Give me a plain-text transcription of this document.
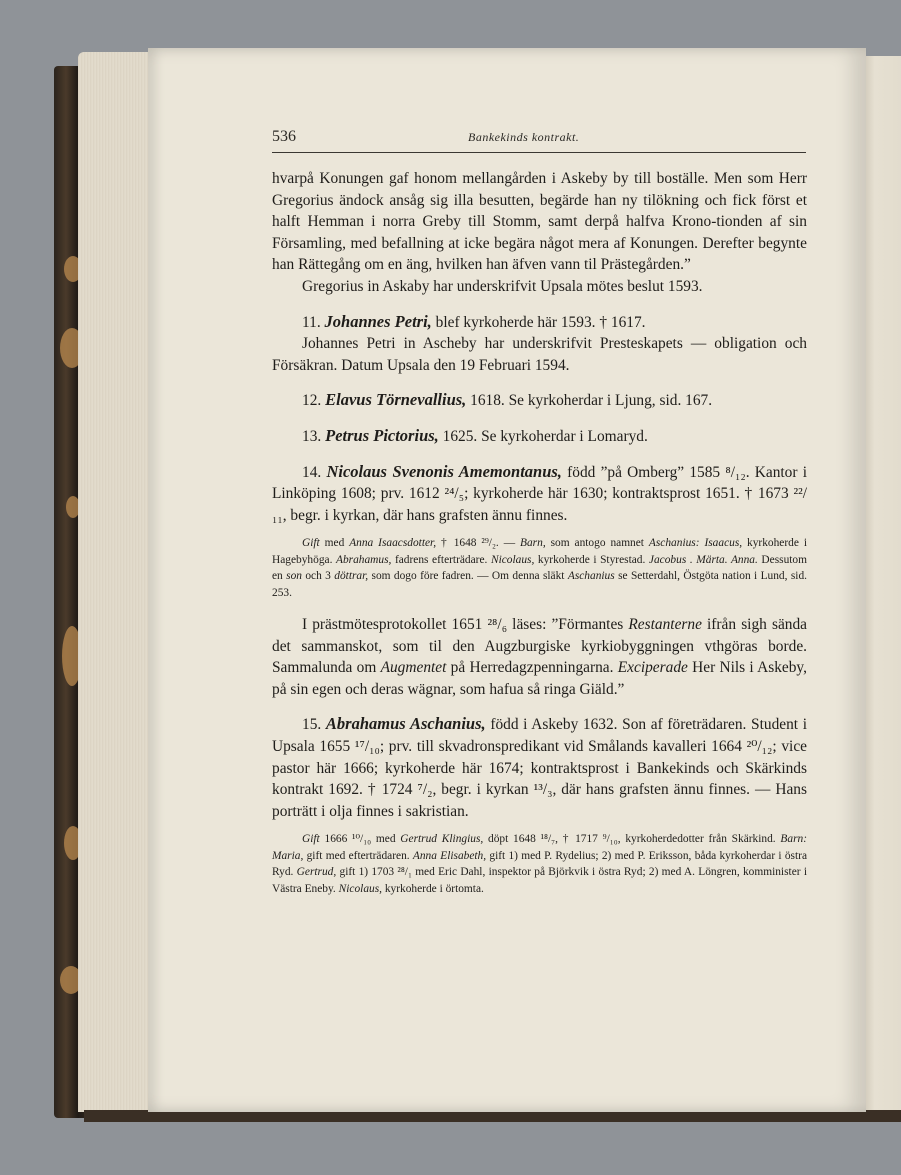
536	Bankekinds kontrakt.

hvarpå Konungen gaf honom mellangården i Askeby by till boställe. Men som Herr Gregorius ändock ansåg sig illa besutten, begärde han ny tilökning och fick först et halft Hemman i norra Greby till Stomm, samt derpå halfva Krono-tionden af sin Församling, med befallning at icke begära något mera af Konungen. Derefter begynte han Rättegång om en äng, hvilken han äfven vann til Prästegården.”

Gregorius in Askaby har underskrifvit Upsala mötes beslut 1593.

11. Johannes Petri, blef kyrkoherde här 1593. † 1617.

Johannes Petri in Ascheby har underskrifvit Presteskapets — obligation och Försäkran. Datum Upsala den 19 Februari 1594.

12. Elavus Törnevallius, 1618. Se kyrkoherdar i Ljung, sid. 167.

13. Petrus Pictorius, 1625. Se kyrkoherdar i Lomaryd.

14. Nicolaus Svenonis Amemontanus, född ”på Omberg” 1585 ⁸/₁₂. Kantor i Linköping 1608; prv. 1612 ²⁴/₅; kyrkoherde här 1630; kontraktsprost 1651. † 1673 ²²/₁₁, begr. i kyrkan, där hans grafsten ännu finnes.

Gift med Anna Isaacsdotter, † 1648 ²⁹/₂. — Barn, som antogo namnet Aschanius: Isaacus, kyrkoherde i Hagebyhöga. Abrahamus, fadrens efterträdare. Nicolaus, kyrkoherde i Styrestad. Jacobus . Märta. Anna. Dessutom en son och 3 döttrar, som dogo före fadren. — Om denna släkt Aschanius se Setterdahl, Östgöta nation i Lund, sid. 253.

I prästmötesprotokollet 1651 ²⁸/₆ läses: ”Förmantes Restanterne ifrån sigh sända det sammanskot, som til den Augzburgiske kyrkiobyggningen vthgöras borde. Sammalunda om Augmentet på Herredagzpenningarna. Exciperade Her Nils i Askeby, på sin egen och deras wägnar, som hafua så ringa Giäld.”

15. Abrahamus Aschanius, född i Askeby 1632. Son af företrädaren. Student i Upsala 1655 ¹⁷/₁₀; prv. till skvadronspredikant vid Smålands kavalleri 1664 ²⁰/₁₂; vice pastor här 1666; kyrkoherde här 1674; kontraktsprost i Bankekinds och Skärkinds kontrakt 1692. † 1724 ⁷/₂, begr. i kyrkan ¹³/₃, där hans grafsten ännu finnes. — Hans porträtt i olja finnes i sakristian.

Gift 1666 ¹⁰/₁₀ med Gertrud Klingius, döpt 1648 ¹⁸/₇, † 1717 ⁹/₁₀, kyrkoherdedotter från Skärkind. Barn: Maria, gift med efterträdaren. Anna Elisabeth, gift 1) med P. Rydelius; 2) med P. Eriksson, båda kyrkoherdar i östra Ryd. Gertrud, gift 1) 1703 ²⁸/₁ med Eric Dahl, inspektor på Björkvik i östra Ryd; 2) med A. Löngren, komminister i Västra Eneby. Nicolaus, kyrkoherde i örtomta.
